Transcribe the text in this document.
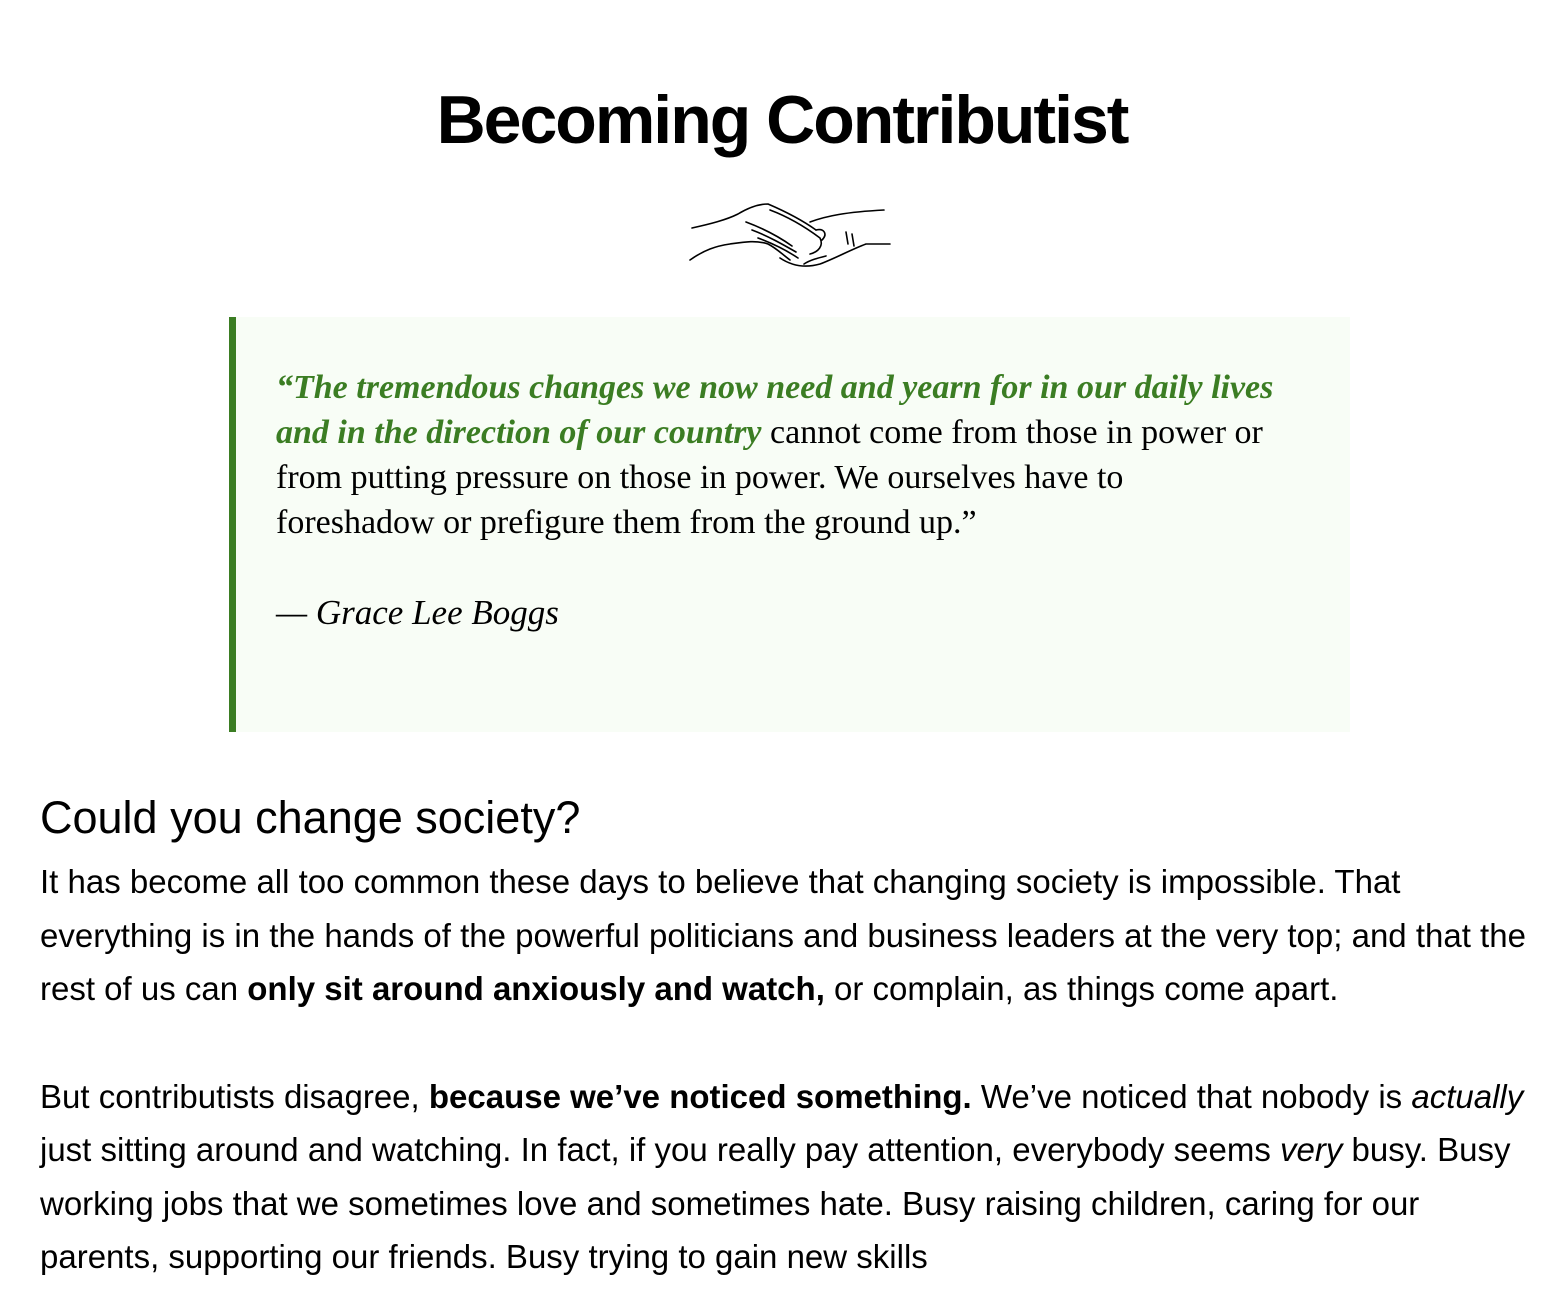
Becoming Contributist

“The tremendous changes we now need and yearn for in our daily lives and in the direction of our country cannot come from those in power or from putting pressure on those in power. We ourselves have to foreshadow or prefigure them from the ground up.”

— Grace Lee Boggs

Could you change society?

It has become all too common these days to believe that changing society is impossible. That everything is in the hands of the powerful politicians and business leaders at the very top; and that the rest of us can only sit around anxiously and watch, or complain, as things come apart.

But contributists disagree, because we’ve noticed something. We’ve noticed that nobody is actually just sitting around and watching. In fact, if you really pay attention, everybody seems very busy. Busy working jobs that we sometimes love and sometimes hate. Busy raising children, caring for our parents, supporting our friends. Busy trying to gain new skills
